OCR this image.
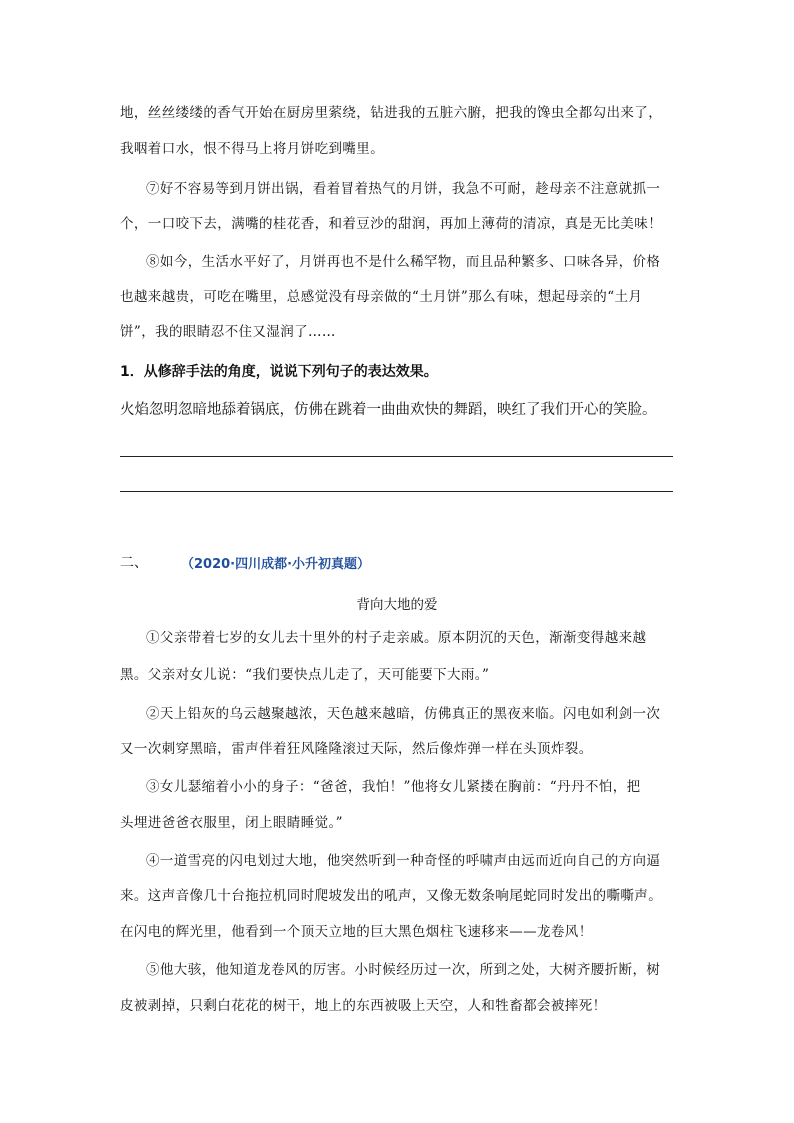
地，丝丝缕缕的香气开始在厨房里萦绕，钻进我的五脏六腑，把我的馋虫全都勾出来了，
我咽着口水，恨不得马上将月饼吃到嘴里。
⑦好不容易等到月饼出锅，看着冒着热气的月饼，我急不可耐，趁母亲不注意就抓一
个，一口咬下去，满嘴的桂花香，和着豆沙的甜润，再加上薄荷的清凉，真是无比美味！
⑧如今，生活水平好了，月饼再也不是什么稀罕物，而且品种繁多、口味各异，价格
也越来越贵，可吃在嘴里，总感觉没有母亲做的“土月饼”那么有味，想起母亲的“土月
饼”，我的眼睛忍不住又湿润了……
1．从修辞手法的角度，说说下列句子的表达效果。
火焰忽明忽暗地舔着锅底，仿佛在跳着一曲曲欢快的舞蹈，映红了我们开心的笑脸。
二、	（2020·四川成都·小升初真题）
背向大地的爱
①父亲带着七岁的女儿去十里外的村子走亲戚。原本阴沉的天色，渐渐变得越来越
黑。父亲对女儿说：“我们要快点儿走了，天可能要下大雨。”
②天上铅灰的乌云越聚越浓，天色越来越暗，仿佛真正的黑夜来临。闪电如利剑一次
又一次刺穿黑暗，雷声伴着狂风隆隆滚过天际，然后像炸弹一样在头顶炸裂。
③女儿瑟缩着小小的身子：“爸爸，我怕！”他将女儿紧搂在胸前：“丹丹不怕，把
头埋进爸爸衣服里，闭上眼睛睡觉。”
④一道雪亮的闪电划过大地，他突然听到一种奇怪的呼啸声由远而近向自己的方向逼
来。这声音像几十台拖拉机同时爬坡发出的吼声，又像无数条响尾蛇同时发出的嘶嘶声。
在闪电的辉光里，他看到一个顶天立地的巨大黑色烟柱飞速移来——龙卷风！
⑤他大骇，他知道龙卷风的厉害。小时候经历过一次，所到之处，大树齐腰折断，树
皮被剥掉，只剩白花花的树干，地上的东西被吸上天空，人和牲畜都会被摔死！
